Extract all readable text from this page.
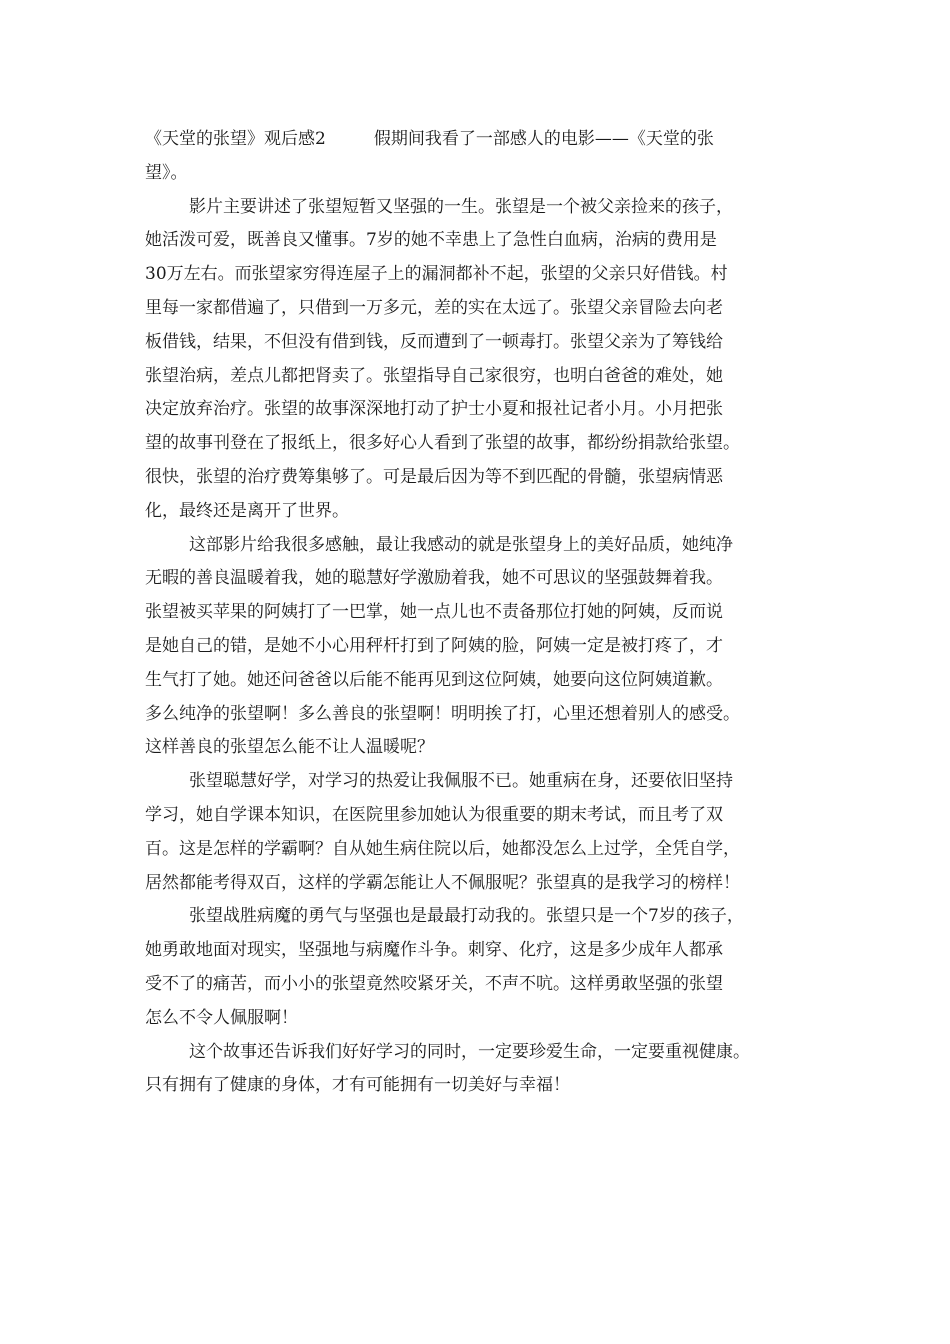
《天堂的张望》观后感2	假期间我看了一部感人的电影——《天堂的张
望》。
影片主要讲述了张望短暂又坚强的一生。张望是一个被父亲捡来的孩子，
她活泼可爱，既善良又懂事。7岁的她不幸患上了急性白血病，治病的费用是
30万左右。而张望家穷得连屋子上的漏洞都补不起，张望的父亲只好借钱。村
里每一家都借遍了，只借到一万多元，差的实在太远了。张望父亲冒险去向老
板借钱，结果，不但没有借到钱，反而遭到了一顿毒打。张望父亲为了筹钱给
张望治病，差点儿都把肾卖了。张望指导自己家很穷，也明白爸爸的难处，她
决定放弃治疗。张望的故事深深地打动了护士小夏和报社记者小月。小月把张
望的故事刊登在了报纸上，很多好心人看到了张望的故事，都纷纷捐款给张望。
很快，张望的治疗费筹集够了。可是最后因为等不到匹配的骨髓，张望病情恶
化，最终还是离开了世界。
这部影片给我很多感触，最让我感动的就是张望身上的美好品质，她纯净
无暇的善良温暖着我，她的聪慧好学激励着我，她不可思议的坚强鼓舞着我。
张望被买苹果的阿姨打了一巴掌，她一点儿也不责备那位打她的阿姨，反而说
是她自己的错，是她不小心用秤杆打到了阿姨的脸，阿姨一定是被打疼了，才
生气打了她。她还问爸爸以后能不能再见到这位阿姨，她要向这位阿姨道歉。
多么纯净的张望啊！多么善良的张望啊！明明挨了打，心里还想着别人的感受。
这样善良的张望怎么能不让人温暖呢？
张望聪慧好学，对学习的热爱让我佩服不已。她重病在身，还要依旧坚持
学习，她自学课本知识，在医院里参加她认为很重要的期末考试，而且考了双
百。这是怎样的学霸啊？自从她生病住院以后，她都没怎么上过学，全凭自学，
居然都能考得双百，这样的学霸怎能让人不佩服呢？张望真的是我学习的榜样！
张望战胜病魔的勇气与坚强也是最最打动我的。张望只是一个7岁的孩子，
她勇敢地面对现实，坚强地与病魔作斗争。刺穿、化疗，这是多少成年人都承
受不了的痛苦，而小小的张望竟然咬紧牙关，不声不吭。这样勇敢坚强的张望
怎么不令人佩服啊！
这个故事还告诉我们好好学习的同时，一定要珍爱生命，一定要重视健康。
只有拥有了健康的身体，才有可能拥有一切美好与幸福！
